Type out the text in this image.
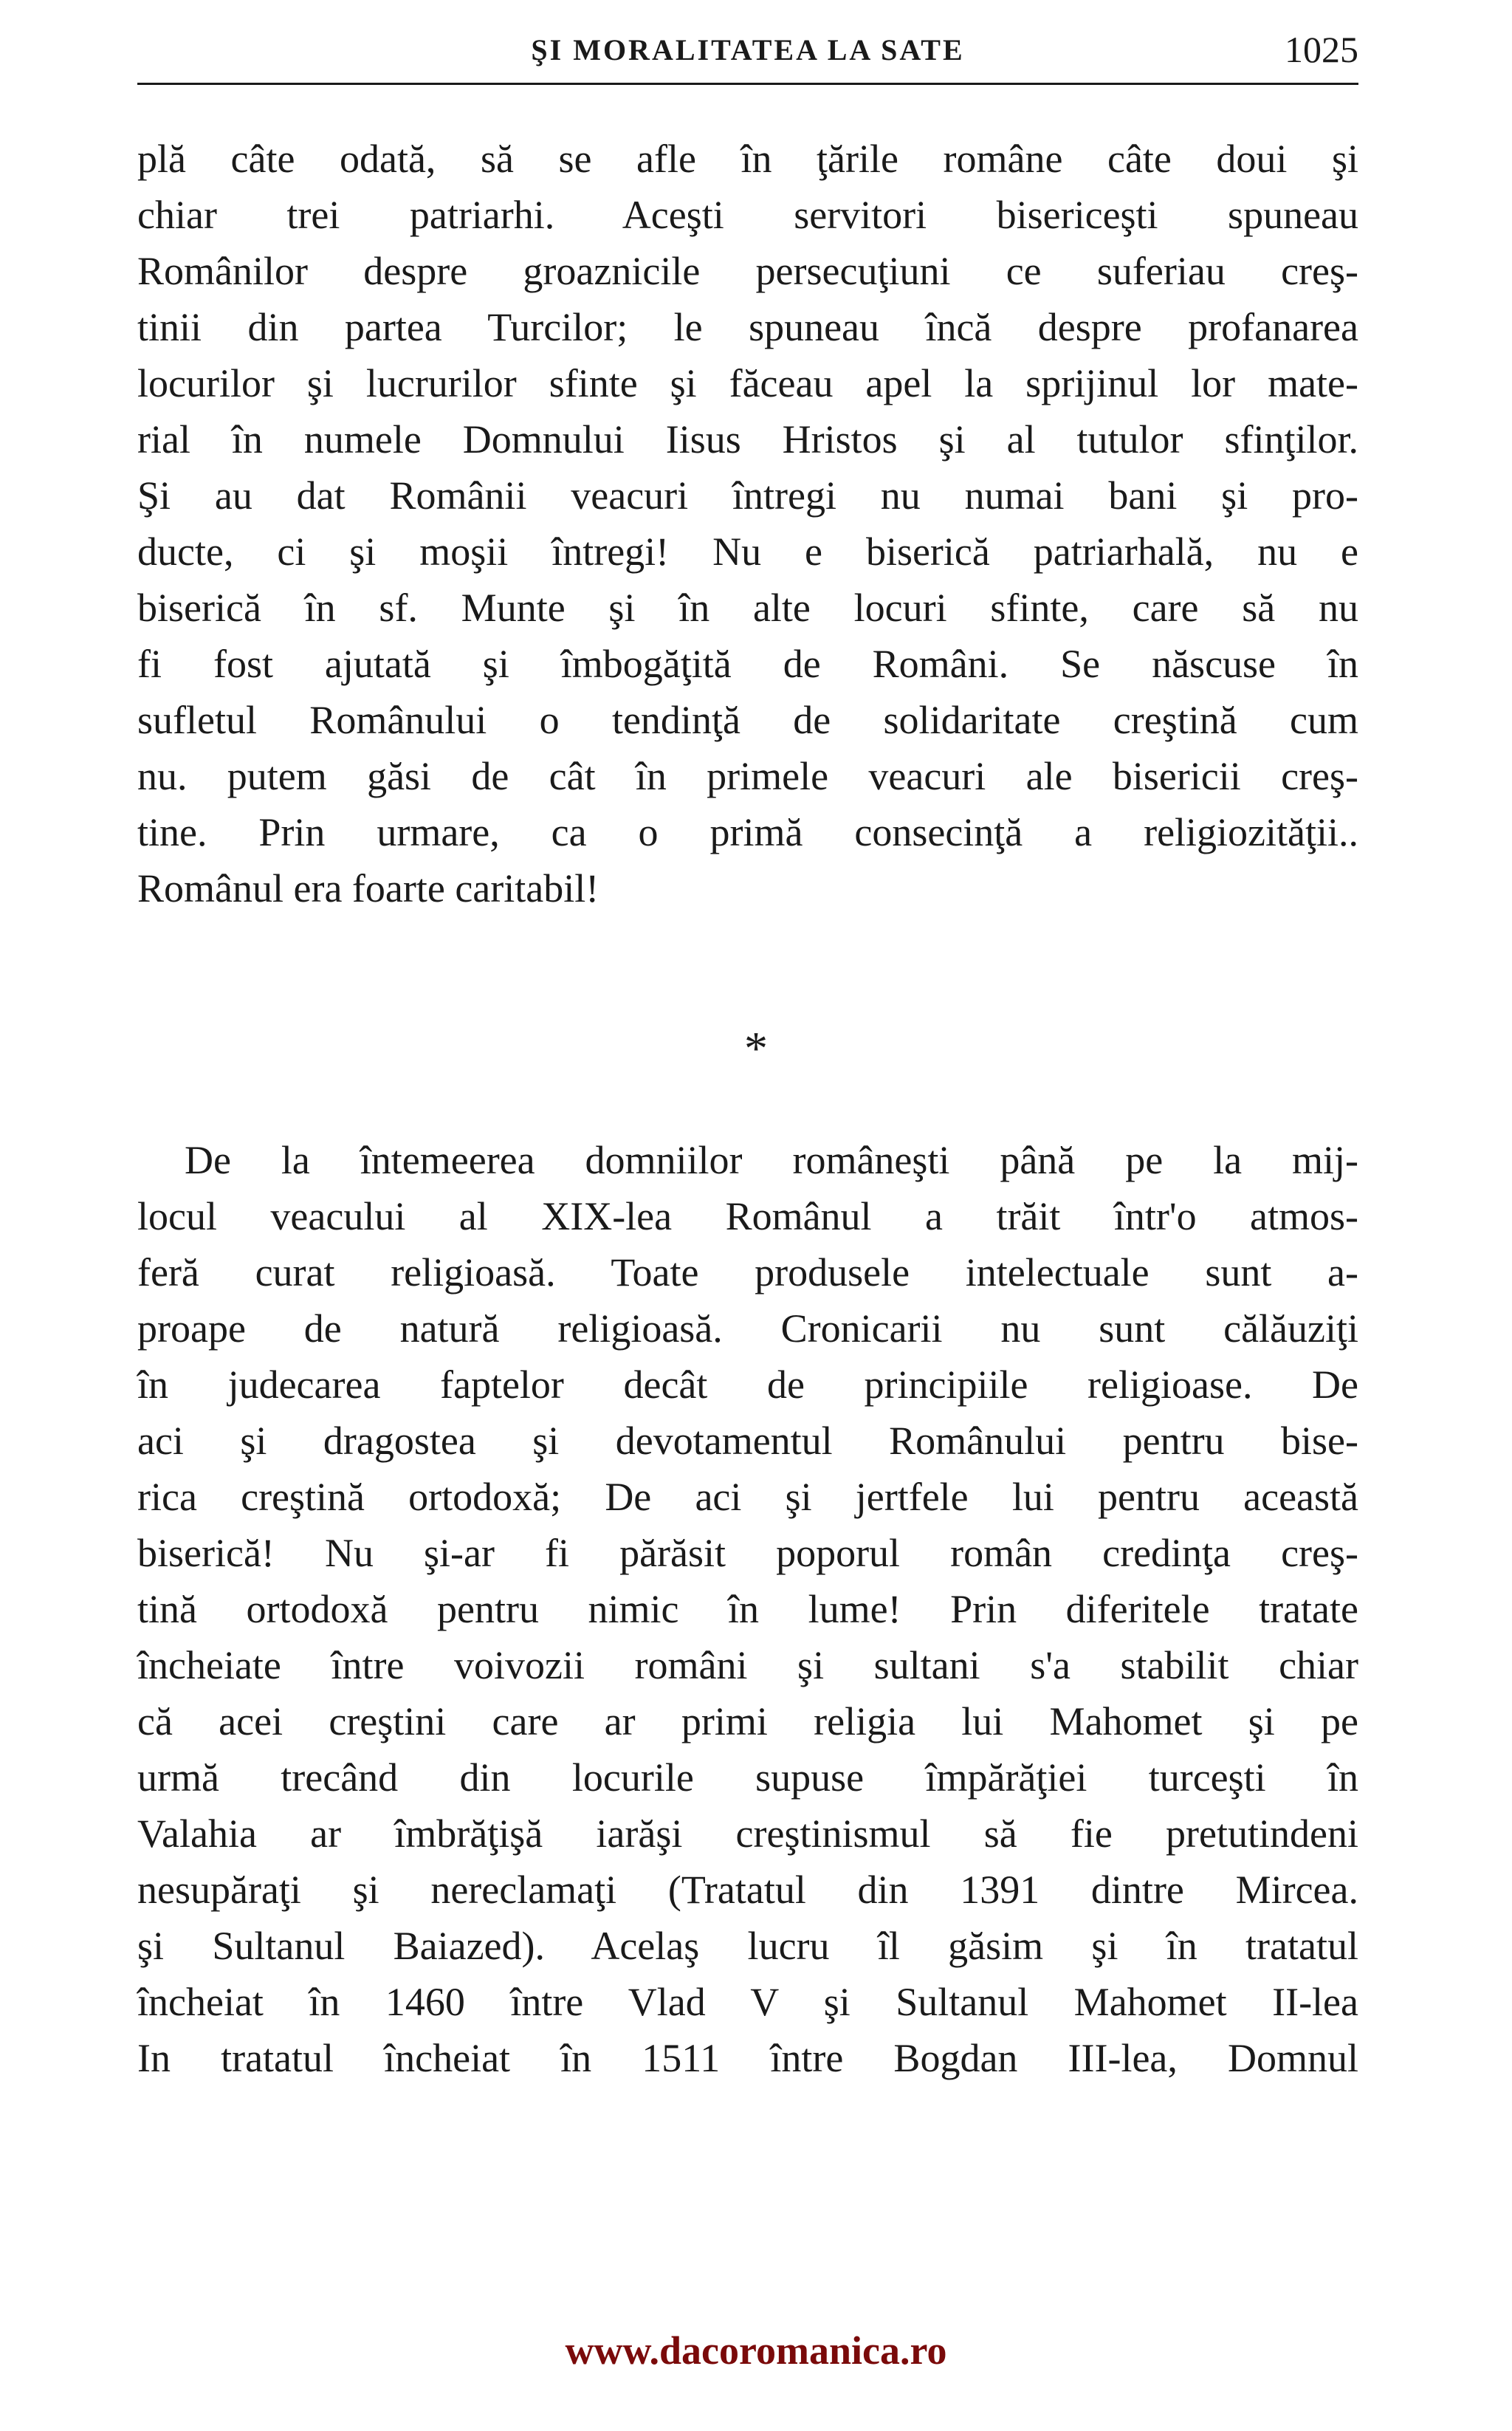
ŞI MORALITATEA LA SATE	1025
plă câte odată, să se afle în ţările române câte doui şi
chiar trei patriarhi. Aceşti servitori bisericeşti spuneau
Românilor despre groaznicile persecuţiuni ce suferiau creş-
tinii din partea Turcilor; le spuneau încă despre profanarea
locurilor şi lucrurilor sfinte şi făceau apel la sprijinul lor mate-
rial în numele Domnului Iisus Hristos şi al tutulor sfinţilor.
Şi au dat Românii veacuri întregi nu numai bani şi pro-
ducte, ci şi moşii întregi! Nu e biserică patriarhală, nu e
biserică în sf. Munte şi în alte locuri sfinte, care să nu
fi fost ajutată şi îmbogăţită de Români. Se născuse în
sufletul Românului o tendinţă de solidaritate creştină cum
nu. putem găsi de cât în primele veacuri ale bisericii creş-
tine. Prin urmare, ca o primă consecinţă a religiozităţii..
Românul era foarte caritabil!
*
De la întemeerea domniilor româneşti până pe la mij-
locul veacului al XIX-lea Românul a trăit într'o atmos-
feră curat religioasă. Toate produsele intelectuale sunt a-
proape de natură religioasă. Cronicarii nu sunt călăuziţi
în judecarea faptelor decât de principiile religioase. De
aci şi dragostea şi devotamentul Românului pentru bise-
rica creştină ortodoxă; De aci şi jertfele lui pentru această
biserică! Nu şi-ar fi părăsit poporul român credinţa creş-
tină ortodoxă pentru nimic în lume! Prin diferitele tratate
încheiate între voivozii români şi sultani s'a stabilit chiar
că acei creştini care ar primi religia lui Mahomet şi pe
urmă trecând din locurile supuse împărăţiei turceşti în
Valahia ar îmbrăţişă iarăşi creştinismul să fie pretutindeni
nesupăraţi şi nereclamaţi (Tratatul din 1391 dintre Mircea.
şi Sultanul Baiazed). Acelaş lucru îl găsim şi în tratatul
încheiat în 1460 între Vlad V şi Sultanul Mahomet II-lea
In tratatul încheiat în 1511 între Bogdan III-lea, Domnul
www.dacoromanica.ro
